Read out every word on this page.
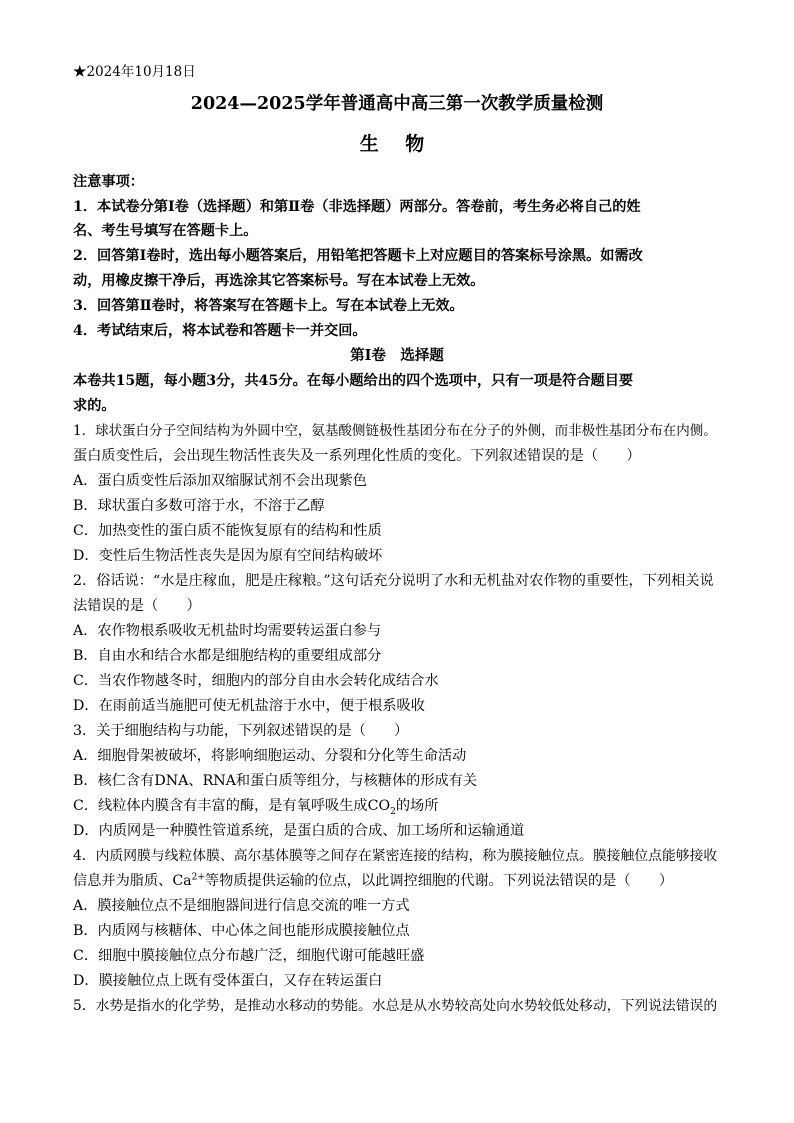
★2024年10月18日
2024—2025学年普通高中高三第一次教学质量检测
生 物
注意事项：
1．本试卷分第Ⅰ卷（选择题）和第Ⅱ卷（非选择题）两部分。答卷前，考生务必将自己的姓
名、考生号填写在答题卡上。
2．回答第Ⅰ卷时，选出每小题答案后，用铅笔把答题卡上对应题目的答案标号涂黑。如需改
动，用橡皮擦干净后，再选涂其它答案标号。写在本试卷上无效。
3．回答第Ⅱ卷时，将答案写在答题卡上。写在本试卷上无效。
4．考试结束后，将本试卷和答题卡一并交回。
第Ⅰ卷　选择题
本卷共15题，每小题3分，共45分。在每小题给出的四个选项中，只有一项是符合题目要
求的。
1．球状蛋白分子空间结构为外圆中空，氨基酸侧链极性基团分布在分子的外侧，而非极性基团分布在内侧。
蛋白质变性后，会出现生物活性丧失及一系列理化性质的变化。下列叙述错误的是（　　）
A．蛋白质变性后添加双缩脲试剂不会出现紫色
B．球状蛋白多数可溶于水，不溶于乙醇
C．加热变性的蛋白质不能恢复原有的结构和性质
D．变性后生物活性丧失是因为原有空间结构破坏
2．俗话说：“水是庄稼血，肥是庄稼粮。”这句话充分说明了水和无机盐对农作物的重要性，下列相关说
法错误的是（　　）
A．农作物根系吸收无机盐时均需要转运蛋白参与
B．自由水和结合水都是细胞结构的重要组成部分
C．当农作物越冬时，细胞内的部分自由水会转化成结合水
D．在雨前适当施肥可使无机盐溶于水中，便于根系吸收
3．关于细胞结构与功能，下列叙述错误的是（　　）
A．细胞骨架被破坏，将影响细胞运动、分裂和分化等生命活动
B．核仁含有DNA、RNA和蛋白质等组分，与核糖体的形成有关
C．线粒体内膜含有丰富的酶，是有氧呼吸生成$CO_2$的场所
D．内质网是一种膜性管道系统，是蛋白质的合成、加工场所和运输通道
4．内质网膜与线粒体膜、高尔基体膜等之间存在紧密连接的结构，称为膜接触位点。膜接触位点能够接收
信息并为脂质、$Ca^{2+}$等物质提供运输的位点，以此调控细胞的代谢。下列说法错误的是（　　）
A．膜接触位点不是细胞器间进行信息交流的唯一方式
B．内质网与核糖体、中心体之间也能形成膜接触位点
C．细胞中膜接触位点分布越广泛，细胞代谢可能越旺盛
D．膜接触位点上既有受体蛋白，又存在转运蛋白
5．水势是指水的化学势，是推动水移动的势能。水总是从水势较高处向水势较低处移动，下列说法错误的
